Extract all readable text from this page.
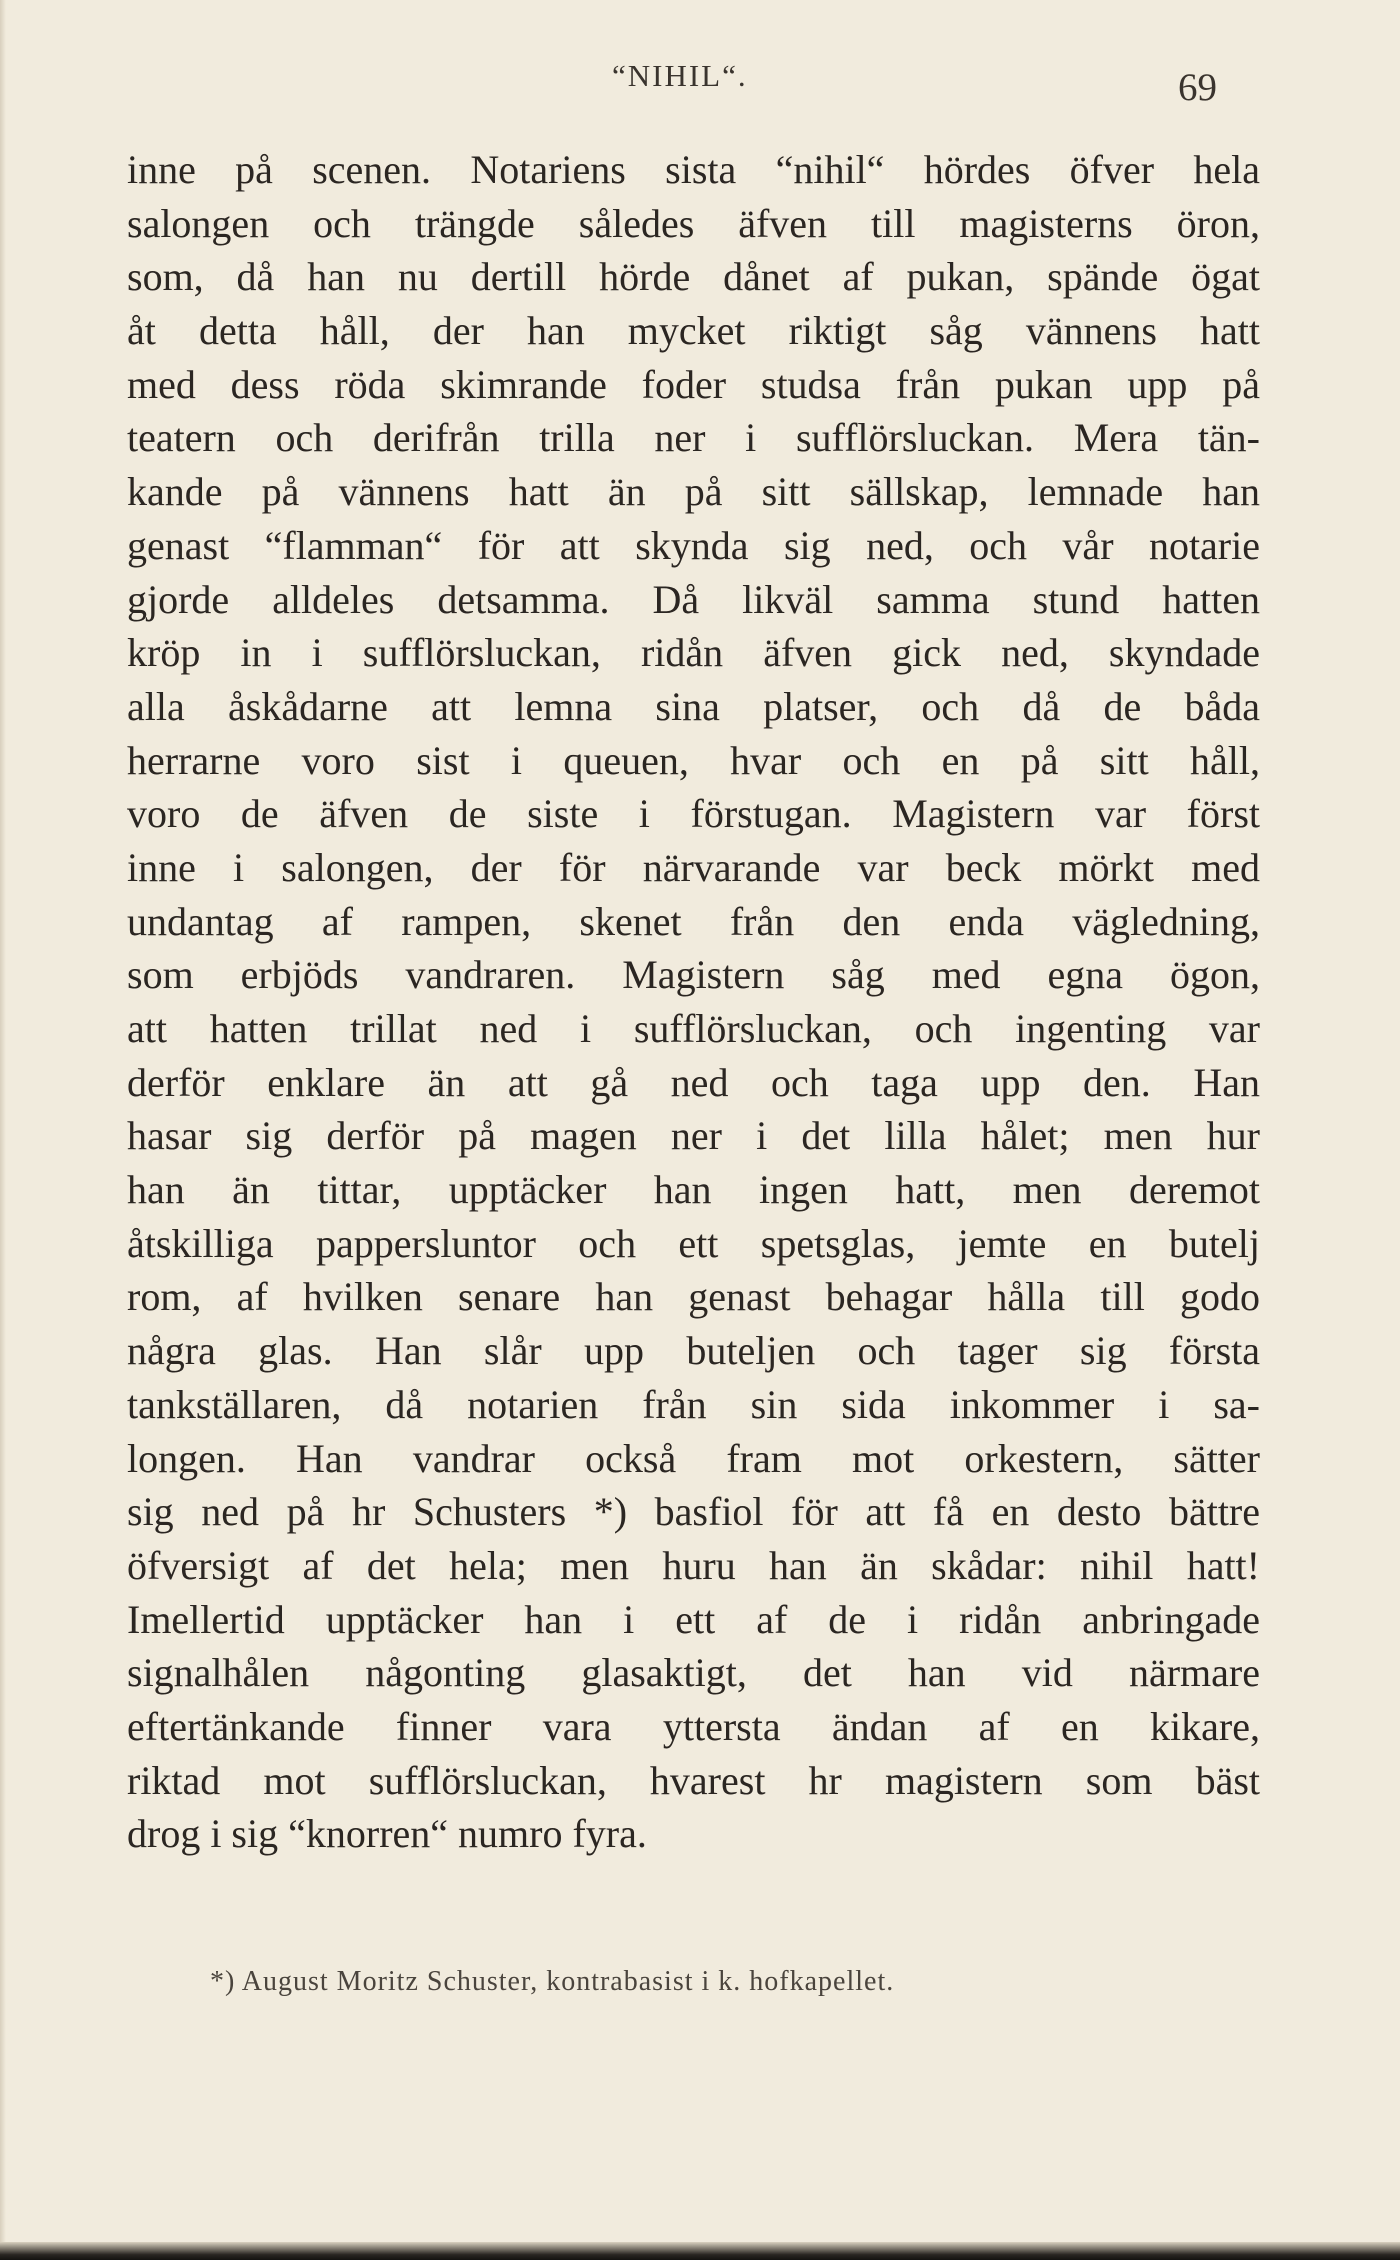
“NIHIL“.	69
inne på scenen. Notariens sista “nihil“ hördes öfver hela
salongen och trängde således äfven till magisterns öron,
som, då han nu dertill hörde dånet af pukan, spände ögat
åt detta håll, der han mycket riktigt såg vännens hatt
med dess röda skimrande foder studsa från pukan upp på
teatern och derifrån trilla ner i sufflörsluckan. Mera tän-
kande på vännens hatt än på sitt sällskap, lemnade han
genast “flamman“ för att skynda sig ned, och vår notarie
gjorde alldeles detsamma. Då likväl samma stund hatten
kröp in i sufflörsluckan, ridån äfven gick ned, skyndade
alla åskådarne att lemna sina platser, och då de båda
herrarne voro sist i queuen, hvar och en på sitt håll,
voro de äfven de siste i förstugan. Magistern var först
inne i salongen, der för närvarande var beck mörkt med
undantag af rampen, skenet från den enda vägledning,
som erbjöds vandraren. Magistern såg med egna ögon,
att hatten trillat ned i sufflörsluckan, och ingenting var
derför enklare än att gå ned och taga upp den. Han
hasar sig derför på magen ner i det lilla hålet; men hur
han än tittar, upptäcker han ingen hatt, men deremot
åtskilliga pappersluntor och ett spetsglas, jemte en butelj
rom, af hvilken senare han genast behagar hålla till godo
några glas. Han slår upp buteljen och tager sig första
tankställaren, då notarien från sin sida inkommer i sa-
longen. Han vandrar också fram mot orkestern, sätter
sig ned på hr Schusters *) basfiol för att få en desto bättre
öfversigt af det hela; men huru han än skådar: nihil hatt!
Imellertid upptäcker han i ett af de i ridån anbringade
signalhålen någonting glasaktigt, det han vid närmare
eftertänkande finner vara yttersta ändan af en kikare,
riktad mot sufflörsluckan, hvarest hr magistern som bäst
drog i sig “knorren“ numro fyra.
*) August Moritz Schuster, kontrabasist i k. hofkapellet.
